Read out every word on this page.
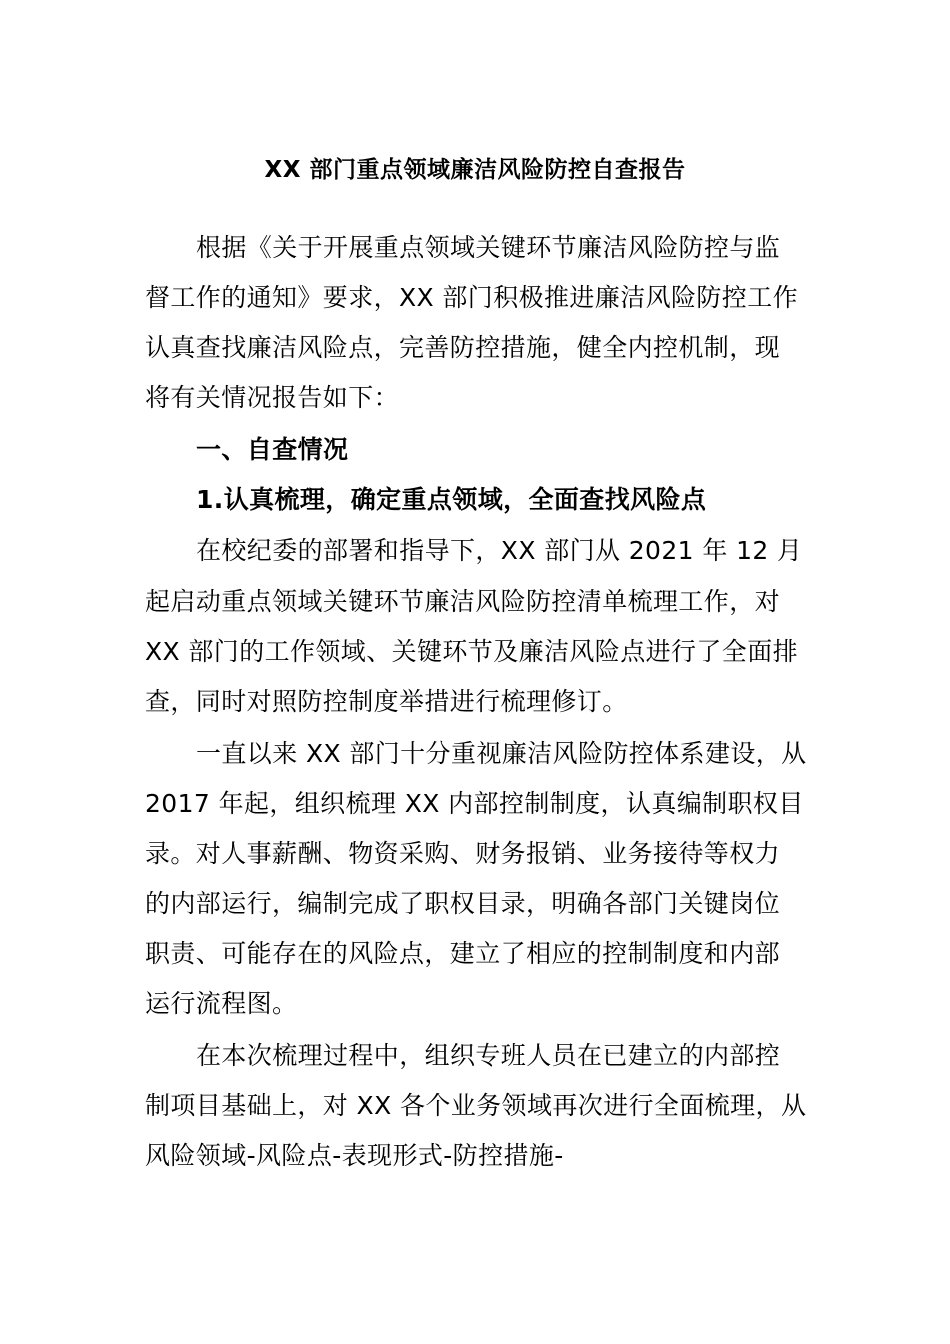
XX 部门重点领域廉洁风险防控自查报告
根据《关于开展重点领域关键环节廉洁风险防控与监
督工作的通知》要求，XX 部门积极推进廉洁风险防控工作
认真查找廉洁风险点，完善防控措施，健全内控机制，现
将有关情况报告如下：
一、自查情况
1.认真梳理，确定重点领域，全面查找风险点
在校纪委的部署和指导下，XX 部门从 2021 年 12 月
起启动重点领域关键环节廉洁风险防控清单梳理工作，对
XX 部门的工作领域、关键环节及廉洁风险点进行了全面排
查，同时对照防控制度举措进行梳理修订。
一直以来 XX 部门十分重视廉洁风险防控体系建设，从
2017 年起，组织梳理 XX 内部控制制度，认真编制职权目
录。对人事薪酬、物资采购、财务报销、业务接待等权力
的内部运行，编制完成了职权目录，明确各部门关键岗位
职责、可能存在的风险点，建立了相应的控制制度和内部
运行流程图。
在本次梳理过程中，组织专班人员在已建立的内部控
制项目基础上，对 XX 各个业务领域再次进行全面梳理，从
风险领域-风险点-表现形式-防控措施-
